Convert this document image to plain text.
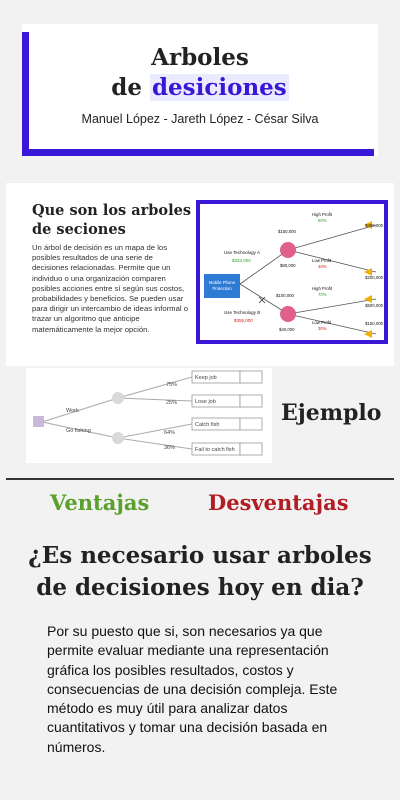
Arboles
de desiciones
Manuel López - Jareth López - César Silva
Que son los arboles de seciones
Un árbol de decisión es un mapa de los posibles resultados de una serie de decisiones relacionadas. Permite que un individuo o una organización comparen posibles acciones entre sí según sus costos, probabilidades y beneficios. Se pueden usar para dirigir un intercambio de ideas informal o trazar un algoritmo que anticipe matemáticamente la mejor opción.
Mobile Phone
Protection
Use Technology A
$333,000
Use Technology B
$355,000
$150,000
$80,000
$100,000
$40,000
High Profit
60%
Low Profit
40%
High Profit
70%
Low Profit
30%
$400,000
$200,000
$500,000
$150,000
Work
Go fishing
75%
25%
64%
36%
Keep job
Lose job
Catch fish
Fail to catch fish
Ejemplo
Ventajas	Desventajas
¿Es necesario usar arboles de decisiones hoy en dia?
Por su puesto que si, son necesarios ya que permite evaluar mediante una representación gráfica los posibles resultados, costos y consecuencias de una decisión compleja. Este método es muy útil para analizar datos cuantitativos y tomar una decisión basada en números.
